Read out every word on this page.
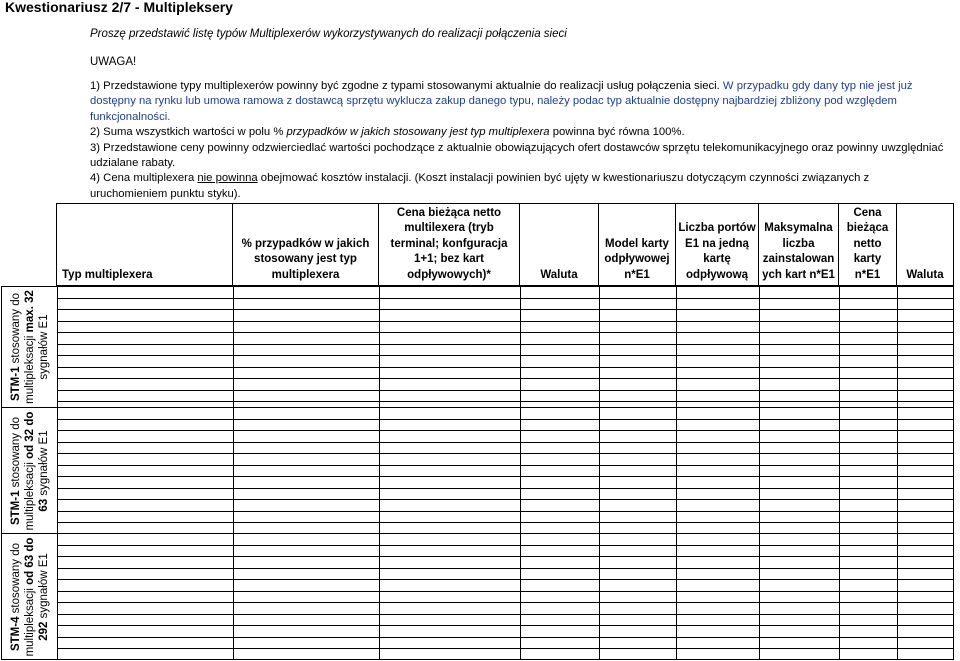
Kwestionariusz 2/7 - Multipleksery
Proszę przedstawić listę typów Multiplexerów wykorzystywanych do realizacji połączenia sieci
UWAGA!

1) Przedstawione typy multiplexerów powinny być zgodne z typami stosowanymi aktualnie do realizacji usług połączenia sieci. W przypadku gdy dany typ nie jest już dostępny na rynku lub umowa ramowa z dostawcą sprzętu wyklucza zakup danego typu, należy podac typ aktualnie dostępny najbardziej zbliżony pod względem funkcjonalności.

2) Suma wszystkich wartości w polu % przypadków w jakich stosowany jest typ multiplexera powinna być równa 100%.

3) Przedstawione ceny powinny odzwierciedlać wartości pochodzące z aktualnie obowiązujących ofert dostawców sprzętu telekomunikacyjnego oraz powinny uwzględniać udzialane rabaty.

4) Cena multiplexera nie powinna obejmować kosztów instalacji. (Koszt instalacji powinien być ujęty w kwestionariuszu dotyczącym czynności związanych z uruchomieniem punktu styku).

Typ multiplexera
% przypadków w jakich
stosowany jest typ
multiplexera
Cena bieżąca netto
multilexera (tryb
terminal; konfguracja
1+1; bez kart
odpływowych)*	Waluta
Model karty
odpływowej
n*E1
Liczba portów
E1 na jedną
kartę
odpływową
Maksymalna
liczba
zainstalowan
ych kart n*E1
Cena
bieżąca
netto
karty
n*E1	Waluta
STM-1 stosowany do
multipleksacji max. 32
sygnałów E1
STM-1 stosowany do
multipleksacji od 32 do
63 sygnałów E1
STM-4 stosowany do
multipleksacji od 63 do
292 sygnałów E1
